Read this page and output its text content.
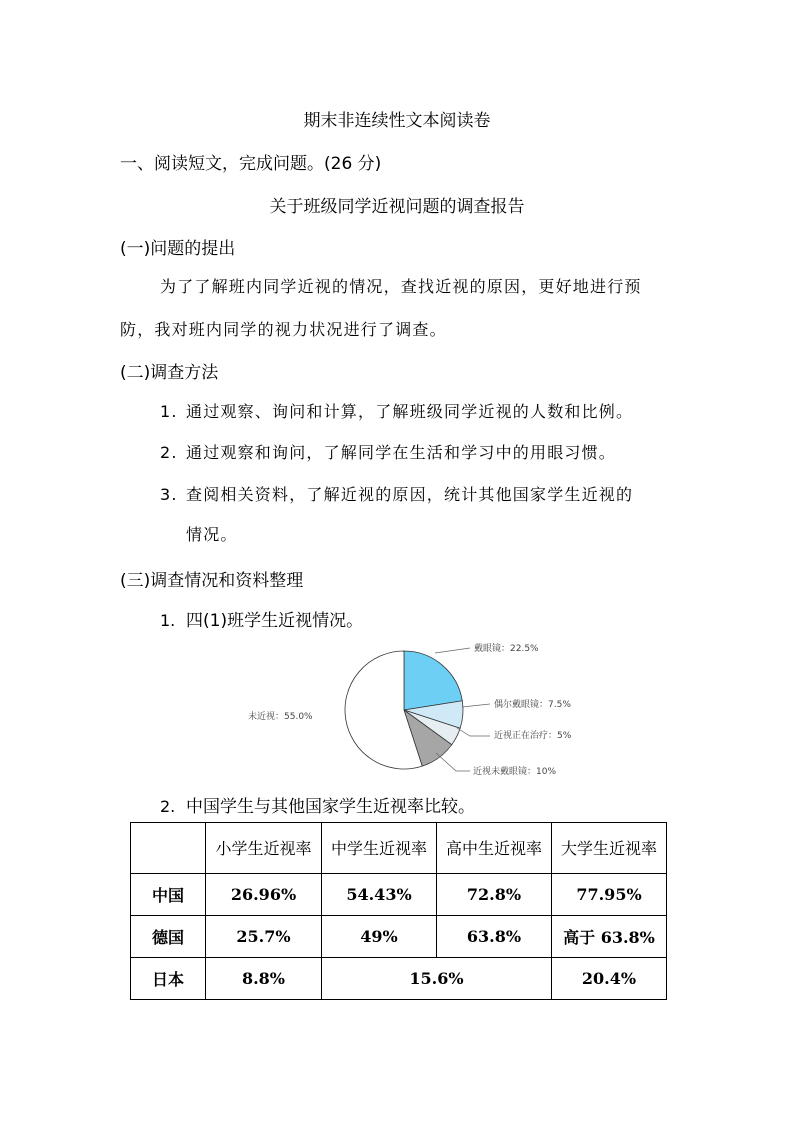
期末非连续性文本阅读卷
一、阅读短文，完成问题。(26 分)
关于班级同学近视问题的调查报告
(一)问题的提出
为了了解班内同学近视的情况，查找近视的原因，更好地进行预
防，我对班内同学的视力状况进行了调查。
(二)调查方法
1. 通过观察、询问和计算，了解班级同学近视的人数和比例。
2. 通过观察和询问，了解同学在生活和学习中的用眼习惯。
3. 查阅相关资料，了解近视的原因，统计其他国家学生近视的
情况。
(三)调查情况和资料整理
1. 四(1)班学生近视情况。
戴眼镜：22.5%
偶尔戴眼镜：7.5%
近视正在治疗：5%
近视未戴眼镜：10%
未近视：55.0%
2. 中国学生与其他国家学生近视率比较。
	小学生近视率	中学生近视率	高中生近视率	大学生近视率
中国	26.96%	54.43%	72.8%	77.95%
德国	25.7%	49%	63.8%	高于 63.8%
日本	8.8%	15.6%		20.4%
